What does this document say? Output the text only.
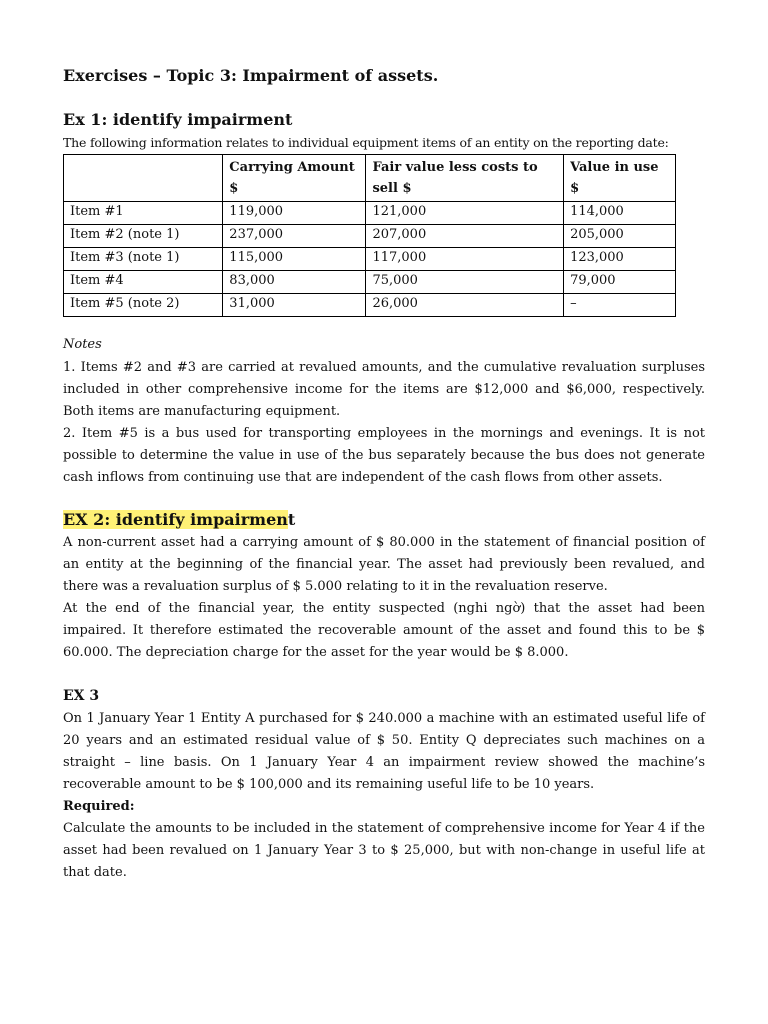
Exercises – Topic 3: Impairment of assets.
Ex 1: identify impairment
The following information relates to individual equipment items of an entity on the reporting date:
	Carrying Amount $	Fair value less costs to sell $	Value in use $
Item #1	119,000	121,000	114,000
Item #2 (note 1)	237,000	207,000	205,000
Item #3 (note 1)	115,000	117,000	123,000
Item #4	83,000	75,000	79,000
Item #5 (note 2)	31,000	26,000	–
Notes
1. Items #2 and #3 are carried at revalued amounts, and the cumulative revaluation surpluses included in other comprehensive income for the items are $12,000 and $6,000, respectively. Both items are manufacturing equipment.
2. Item #5 is a bus used for transporting employees in the mornings and evenings. It is not possible to determine the value in use of the bus separately because the bus does not generate cash inflows from continuing use that are independent of the cash flows from other assets.
EX 2: identify impairment
A non-current asset had a carrying amount of $ 80.000 in the statement of financial position of an entity at the beginning of the financial year. The asset had previously been revalued, and there was a revaluation surplus of $ 5.000 relating to it in the revaluation reserve.
At the end of the financial year, the entity suspected (nghi ngờ) that the asset had been impaired. It therefore estimated the recoverable amount of the asset and found this to be $ 60.000. The depreciation charge for the asset for the year would be $ 8.000.
EX 3
On 1 January Year 1 Entity A purchased for $ 240.000 a machine with an estimated useful life of 20 years and an estimated residual value of $ 50. Entity Q depreciates such machines on a straight – line basis. On 1 January Year 4 an impairment review showed the machine’s recoverable amount to be $ 100,000 and its remaining useful life to be 10 years.
Required:
Calculate the amounts to be included in the statement of comprehensive income for Year 4 if the asset had been revalued on 1 January Year 3 to $ 25,000, but with non-change in useful life at that date.
